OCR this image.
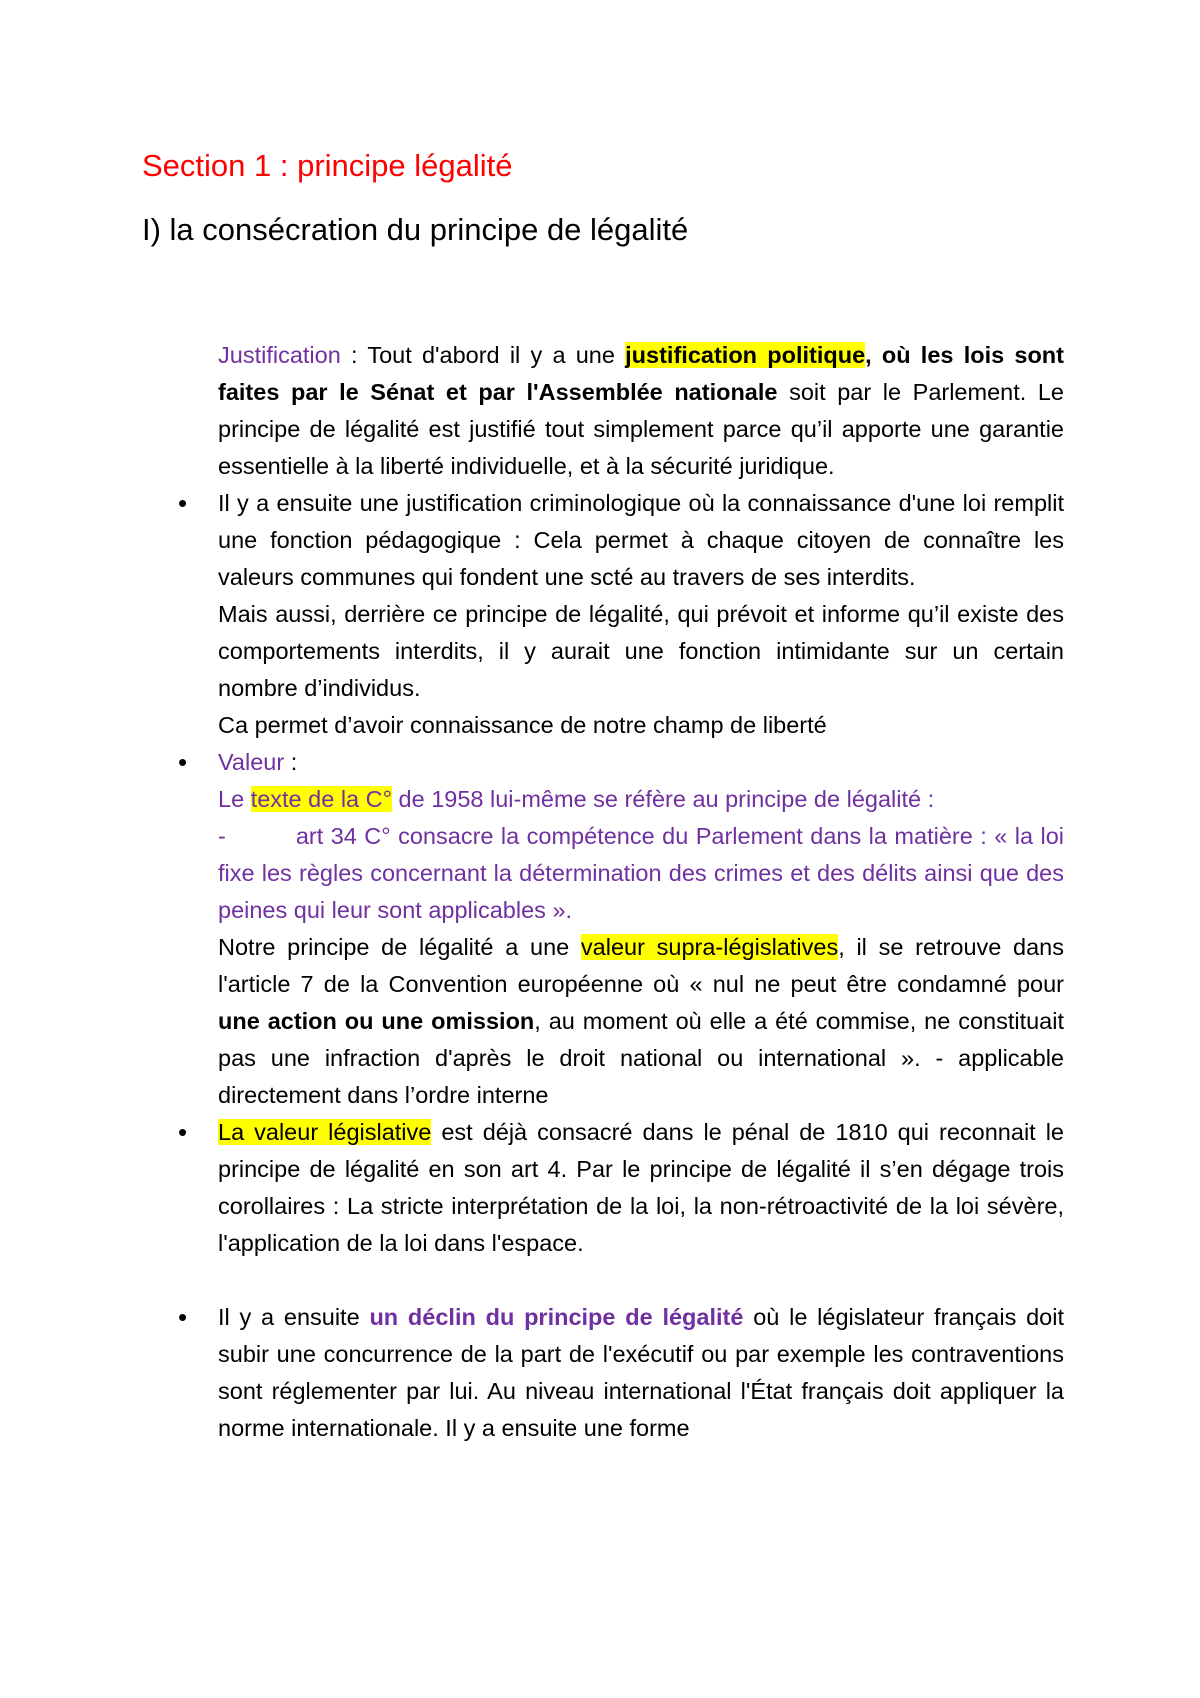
Section 1 : principe légalité
I) la consécration du principe de légalité

Justification : Tout d'abord il y a une justification politique, où les lois sont faites par le Sénat et par l'Assemblée nationale soit par le Parlement. Le principe de légalité est justifié tout simplement parce qu’il apporte une garantie essentielle à la liberté individuelle, et à la sécurité juridique.

• Il y a ensuite une justification criminologique où la connaissance d'une loi remplit une fonction pédagogique : Cela permet à chaque citoyen de connaître les valeurs communes qui fondent une scté au travers de ses interdits.
Mais aussi, derrière ce principe de légalité, qui prévoit et informe qu’il existe des comportements interdits, il y aurait une fonction intimidante sur un certain nombre d’individus.
Ca permet d’avoir connaissance de notre champ de liberté

• Valeur :
Le texte de la C° de 1958 lui-même se réfère au principe de légalité :
-	art 34 C° consacre la compétence du Parlement dans la matière : « la loi fixe les règles concernant la détermination des crimes et des délits ainsi que des peines qui leur sont applicables ».
Notre principe de légalité a une valeur supra-législatives, il se retrouve dans l'article 7 de la Convention européenne où « nul ne peut être condamné pour une action ou une omission, au moment où elle a été commise, ne constituait pas une infraction d'après le droit national ou international ». - applicable directement dans l’ordre interne

• La valeur législative est déjà consacré dans le pénal de 1810 qui reconnait le principe de légalité en son art 4. Par le principe de légalité il s’en dégage trois corollaires : La stricte interprétation de la loi, la non-rétroactivité de la loi sévère, l'application de la loi dans l'espace.

• Il y a ensuite un déclin du principe de légalité où le législateur français doit subir une concurrence de la part de l'exécutif ou par exemple les contraventions sont réglementer par lui. Au niveau international l'État français doit appliquer la norme internationale. Il y a ensuite une forme
